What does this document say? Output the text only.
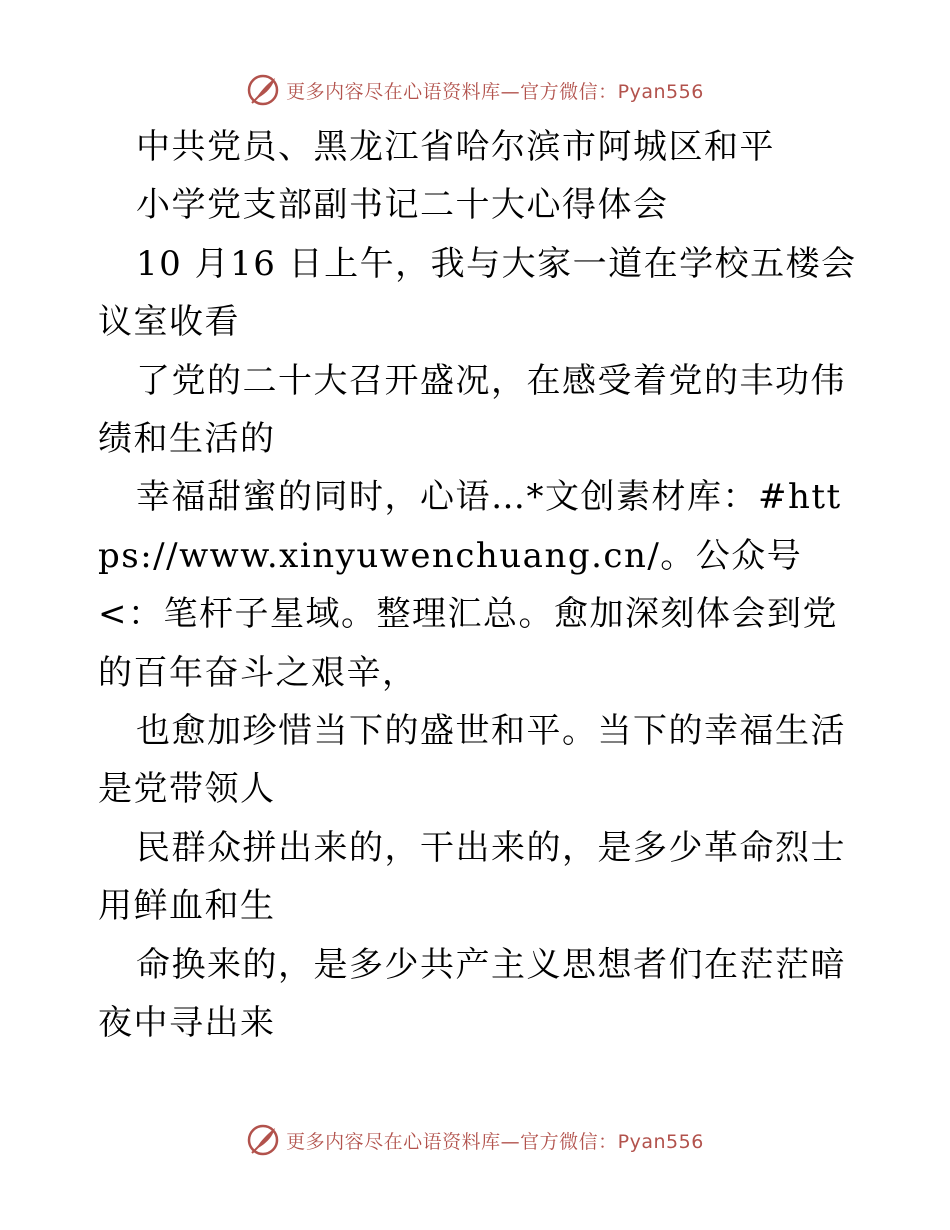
更多内容尽在心语资料库—官方微信：Pyan556

中共党员、黑龙江省哈尔滨市阿城区和平

小学党支部副书记二十大心得体会

10 月16 日上午，我与大家一道在学校五楼会议室收看

了党的二十大召开盛况，在感受着党的丰功伟绩和生活的

幸福甜蜜的同时，心语…*文创素材库：#https://www.xinyuwenchuang.cn/。公众号<：笔杆子星域。整理汇总。愈加深刻体会到党的百年奋斗之艰辛，

也愈加珍惜当下的盛世和平。当下的幸福生活是党带领人

民群众拼出来的，干出来的，是多少革命烈士用鲜血和生

命换来的，是多少共产主义思想者们在茫茫暗夜中寻出来

更多内容尽在心语资料库—官方微信：Pyan556
